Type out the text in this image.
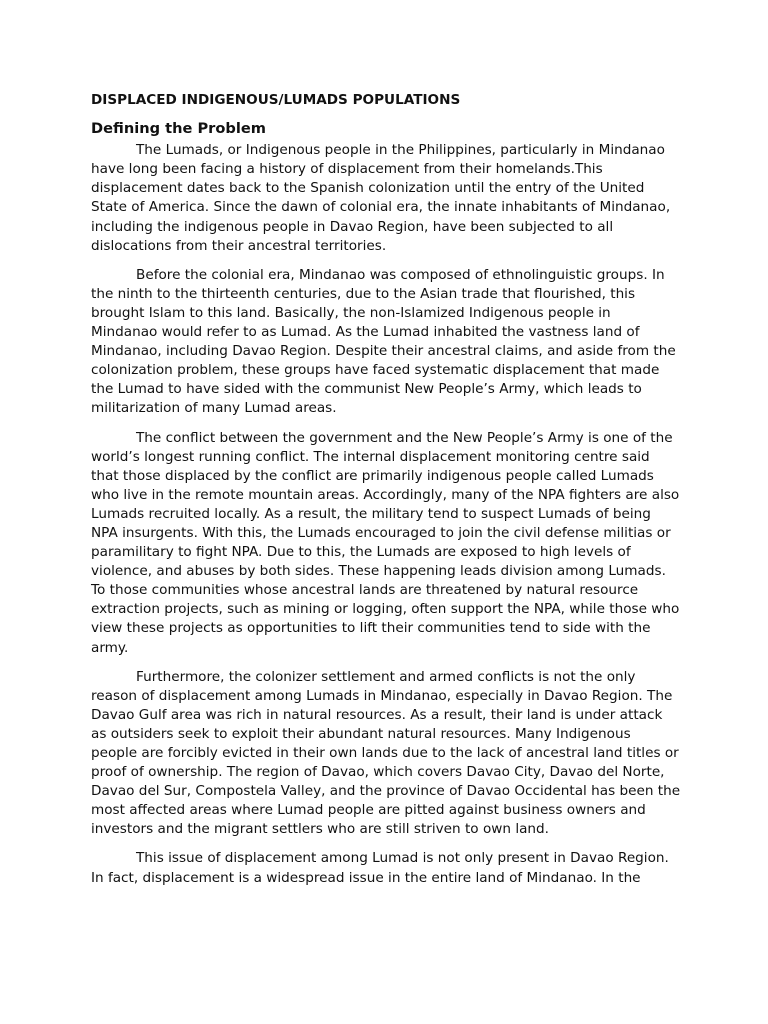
DISPLACED INDIGENOUS/LUMADS POPULATIONS
Defining the Problem

The Lumads, or Indigenous people in the Philippines, particularly in Mindanao have long been facing a history of displacement from their homelands.This displacement dates back to the Spanish colonization until the entry of the United State of America. Since the dawn of colonial era, the innate inhabitants of Mindanao, including the indigenous people in Davao Region, have been subjected to all dislocations from their ancestral territories.

Before the colonial era, Mindanao was composed of ethnolinguistic groups. In the ninth to the thirteenth centuries, due to the Asian trade that flourished, this brought Islam to this land. Basically, the non-Islamized Indigenous people in Mindanao would refer to as Lumad. As the Lumad inhabited the vastness land of Mindanao, including Davao Region. Despite their ancestral claims, and aside from the colonization problem, these groups have faced systematic displacement that made the Lumad to have sided with the communist New People’s Army, which leads to militarization of many Lumad areas.

The conflict between the government and the New People’s Army is one of the world’s longest running conflict. The internal displacement monitoring centre said that those displaced by the conflict are primarily indigenous people called Lumads who live in the remote mountain areas. Accordingly, many of the NPA fighters are also Lumads recruited locally. As a result, the military tend to suspect Lumads of being NPA insurgents. With this, the Lumads encouraged to join the civil defense militias or paramilitary to fight NPA. Due to this, the Lumads are exposed to high levels of violence, and abuses by both sides. These happening leads division among Lumads. To those communities whose ancestral lands are threatened by natural resource extraction projects, such as mining or logging, often support the NPA, while those who view these projects as opportunities to lift their communities tend to side with the army.

Furthermore, the colonizer settlement and armed conflicts is not the only reason of displacement among Lumads in Mindanao, especially in Davao Region. The Davao Gulf area was rich in natural resources. As a result, their land is under attack as outsiders seek to exploit their abundant natural resources. Many Indigenous people are forcibly evicted in their own lands due to the lack of ancestral land titles or proof of ownership. The region of Davao, which covers Davao City, Davao del Norte, Davao del Sur, Compostela Valley, and the province of Davao Occidental has been the most affected areas where Lumad people are pitted against business owners and investors and the migrant settlers who are still striven to own land.

This issue of displacement among Lumad is not only present in Davao Region. In fact, displacement is a widespread issue in the entire land of Mindanao. In the
